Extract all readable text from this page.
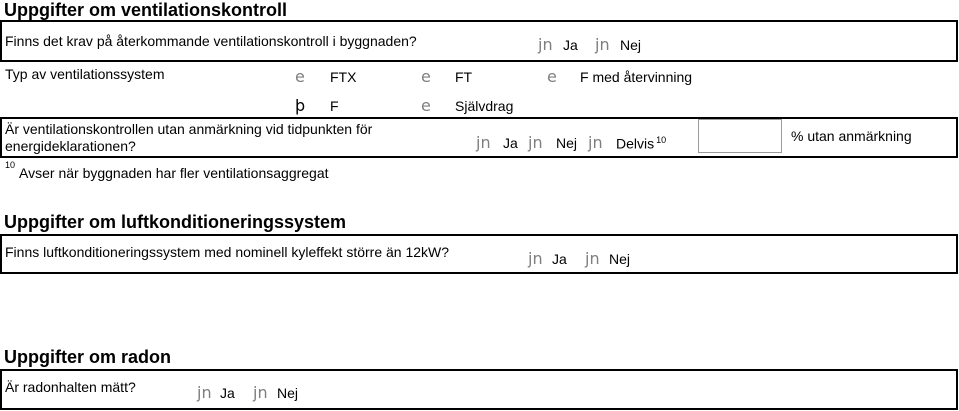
Uppgifter om ventilationskontroll
Finns det krav på återkommande ventilationskontroll i byggnaden?	jn Ja jn Nej
Typ av ventilationssystem	e FTX	e FT	e F med återvinning
þ F	e Självdrag
Är ventilationskontrollen utan anmärkning vid tidpunkten för
energideklarationen?	jn Ja jn Nej jn Delvis $^{10}$	% utan anmärkning
$^{10}$ Avser när byggnaden har fler ventilationsaggregat
Uppgifter om luftkonditioneringssystem
Finns luftkonditioneringssystem med nominell kyleffekt större än 12kW?	jn Ja jn Nej
Uppgifter om radon
Är radonhalten mätt?	jn Ja jn Nej
